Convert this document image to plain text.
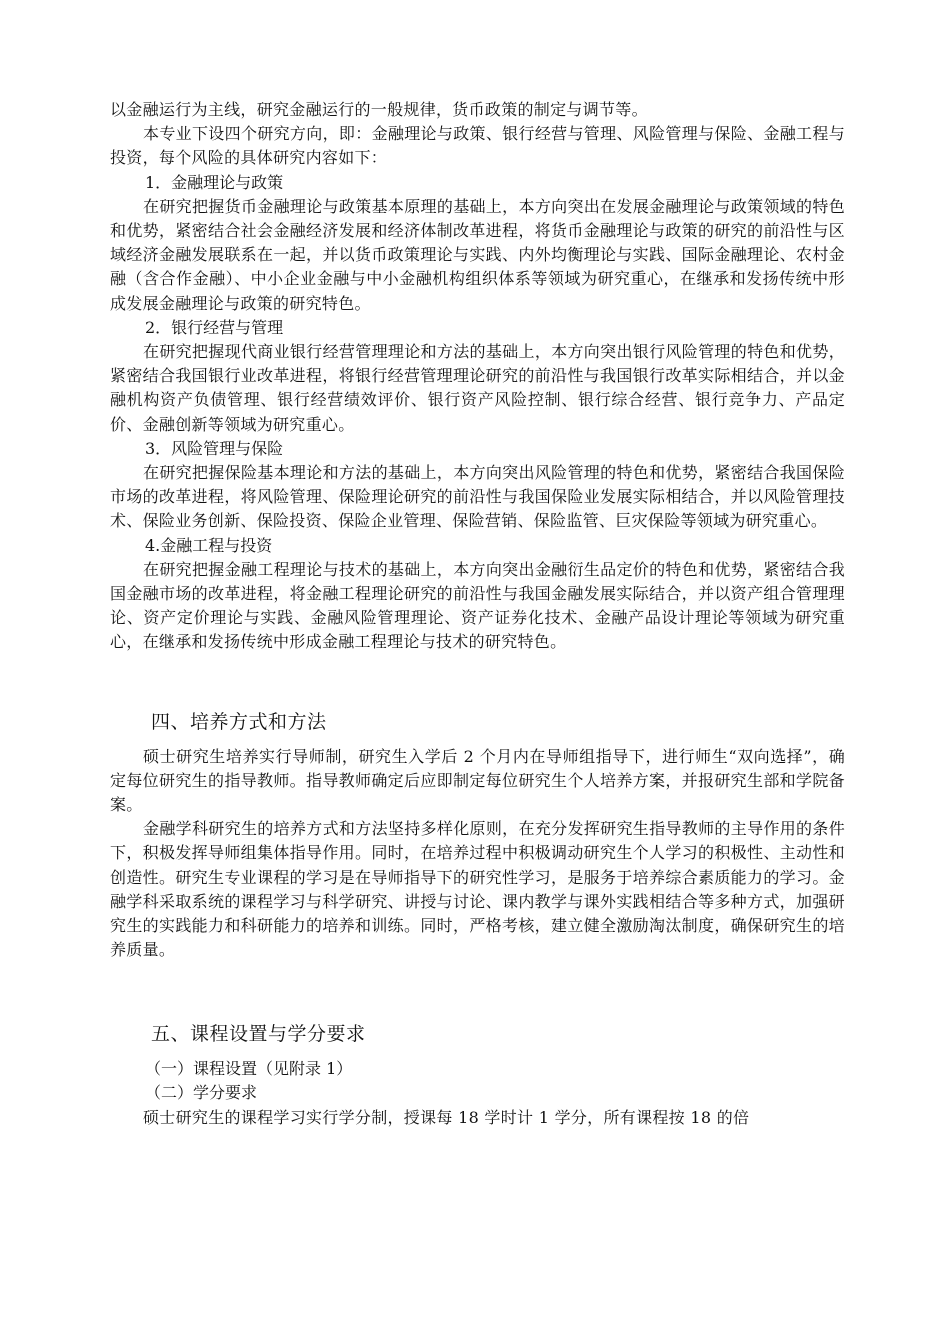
以金融运行为主线，研究金融运行的一般规律，货币政策的制定与调节等。

本专业下设四个研究方向，即：金融理论与政策、银行经营与管理、风险管理与保险、金融工程与投资，每个风险的具体研究内容如下：

1．金融理论与政策

在研究把握货币金融理论与政策基本原理的基础上，本方向突出在发展金融理论与政策领域的特色和优势，紧密结合社会金融经济发展和经济体制改革进程，将货币金融理论与政策的研究的前沿性与区域经济金融发展联系在一起，并以货币政策理论与实践、内外均衡理论与实践、国际金融理论、农村金融（含合作金融）、中小企业金融与中小金融机构组织体系等领域为研究重心，在继承和发扬传统中形成发展金融理论与政策的研究特色。

2．银行经营与管理

在研究把握现代商业银行经营管理理论和方法的基础上，本方向突出银行风险管理的特色和优势，紧密结合我国银行业改革进程，将银行经营管理理论研究的前沿性与我国银行改革实际相结合，并以金融机构资产负债管理、银行经营绩效评价、银行资产风险控制、银行综合经营、银行竞争力、产品定价、金融创新等领域为研究重心。

3．风险管理与保险

在研究把握保险基本理论和方法的基础上，本方向突出风险管理的特色和优势，紧密结合我国保险市场的改革进程，将风险管理、保险理论研究的前沿性与我国保险业发展实际相结合，并以风险管理技术、保险业务创新、保险投资、保险企业管理、保险营销、保险监管、巨灾保险等领域为研究重心。

4.金融工程与投资

在研究把握金融工程理论与技术的基础上，本方向突出金融衍生品定价的特色和优势，紧密结合我国金融市场的改革进程，将金融工程理论研究的前沿性与我国金融发展实际结合，并以资产组合管理理论、资产定价理论与实践、金融风险管理理论、资产证券化技术、金融产品设计理论等领域为研究重心，在继承和发扬传统中形成金融工程理论与技术的研究特色。

四、培养方式和方法

硕士研究生培养实行导师制，研究生入学后 2 个月内在导师组指导下，进行师生“双向选择”，确定每位研究生的指导教师。指导教师确定后应即制定每位研究生个人培养方案，并报研究生部和学院备案。

金融学科研究生的培养方式和方法坚持多样化原则，在充分发挥研究生指导教师的主导作用的条件下，积极发挥导师组集体指导作用。同时，在培养过程中积极调动研究生个人学习的积极性、主动性和创造性。研究生专业课程的学习是在导师指导下的研究性学习，是服务于培养综合素质能力的学习。金融学科采取系统的课程学习与科学研究、讲授与讨论、课内教学与课外实践相结合等多种方式，加强研究生的实践能力和科研能力的培养和训练。同时，严格考核，建立健全激励淘汰制度，确保研究生的培养质量。

五、课程设置与学分要求

（一）课程设置（见附录 1）

（二）学分要求

硕士研究生的课程学习实行学分制，授课每 18 学时计 1 学分，所有课程按 18 的倍
